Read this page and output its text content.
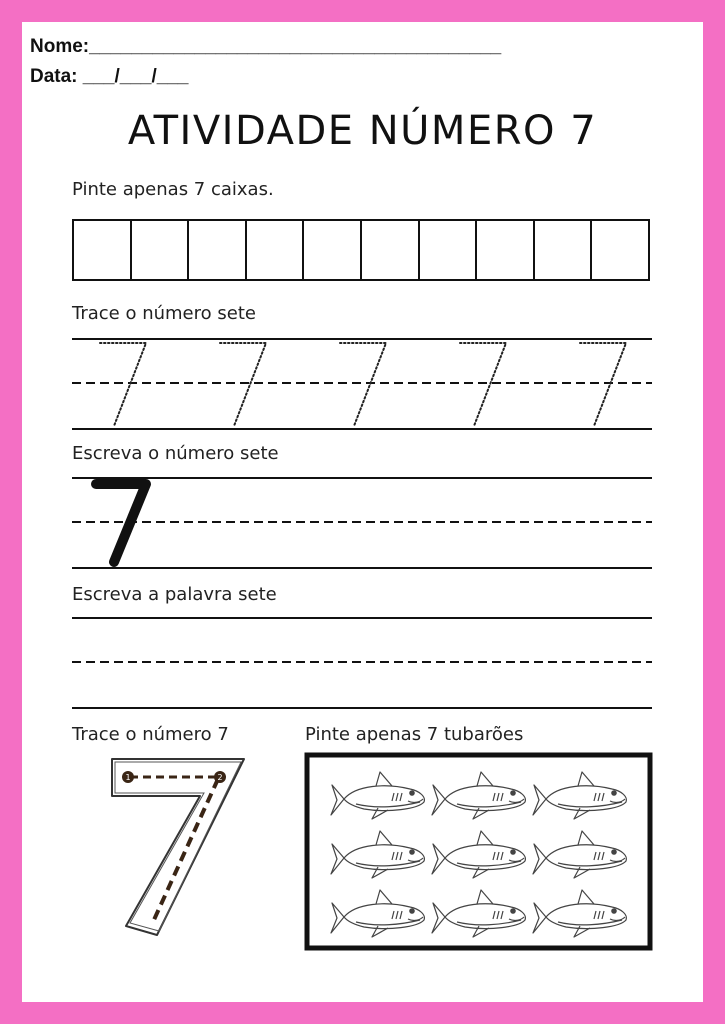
Nome:_______________________________________
Data: ___/___/___
ATIVIDADE NÚMERO 7
Pinte apenas 7 caixas.
Trace o número sete
Escreva o número sete
Escreva a palavra sete
Trace o número 7	Pinte apenas 7 tubarões
1	2
